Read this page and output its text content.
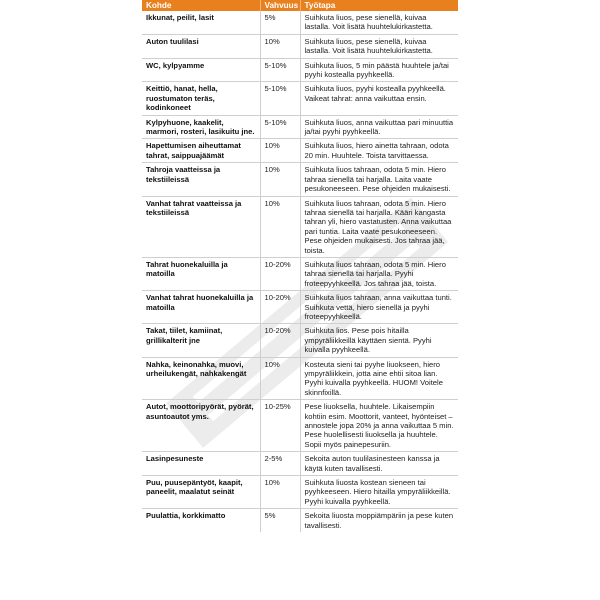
Kohde	Vahvuus	Työtapa
Ikkunat, peilit, lasit	5%	Suihkuta liuos, pese sienellä, kuivaa lastalla. Voit lisätä huuhtelukirkastetta.
Auton tuulilasi	10%	Suihkuta liuos, pese sienellä, kuivaa lastalla. Voit lisätä huuhtelukirkastetta.
WC, kylpyamme	5-10%	Suihkuta liuos, 5 min päästä huuhtele ja/tai pyyhi kostealla pyyhkeellä.
Keittiö, hanat, hella, ruostumaton teräs, kodinkoneet	5-10%	Suihkuta liuos, pyyhi kostealla pyyhkeellä. Vaikeat tahrat: anna vaikuttaa ensin.
Kylpyhuone, kaakelit, marmori, rosteri, lasikuitu jne.	5-10%	Suihkuta liuos, anna vaikuttaa pari minuuttia ja/tai pyyhi pyyhkeellä.
Hapettumisen aiheuttamat tahrat, saippuajäämät	10%	Suihkuta liuos, hiero ainetta tahraan, odota 20 min. Huuhtele. Toista tarvittaessa.
Tahroja vaatteissa ja tekstiileissä	10%	Suihkuta liuos tahraan, odota 5 min. Hiero tahraa sienellä tai harjalla. Laita vaate pesukoneeseen. Pese ohjeiden mukaisesti.
Vanhat tahrat vaatteissa ja tekstiileissä	10%	Suihkuta liuos tahraan, odota 5 min. Hiero tahraa sienellä tai harjalla. Kääri kangasta tahran yli, hiero vastatusten. Anna vaikuttaa pari tuntia. Laita vaate pesukoneeseen. Pese ohjeiden mukaisesti. Jos tahraa jää, toista.
Tahrat huonekaluilla ja matoilla	10-20%	Suihkuta liuos tahraan, odota 5 min. Hiero tahraa sienellä tai harjalla. Pyyhi froteepyyhkeellä. Jos tahraa jää, toista.
Vanhat tahrat huonekaluilla ja matoilla	10-20%	Suihkuta liuos tahraan, anna vaikuttaa tunti. Suihkuta vettä, hiero sienellä ja pyyhi froteepyyhkeellä.
Takat, tiilet, kamiinat, grillikalterit jne	10-20%	Suihkuta lios. Pese pois hitailla ympyräliikkeillä käyttäen sientä. Pyyhi kuivalla pyyhkeellä.
Nahka, keinonahka, muovi, urheilukengät, nahkakengät	10%	Kosteuta sieni tai pyyhe liuokseen, hiero ympyräliikkein, jotta aine ehtii sitoa lian. Pyyhi kuivalla pyyhkeellä. HUOM! Voitele skinnfixillä.
Autot, moottoripyörät, pyörät, asuntoautot yms.	10-25%	Pese liuoksella, huuhtele. Likaisempiin kohtiin esim. Moottorit, vanteet, hyönteiset – annostele jopa 20% ja anna vaikuttaa 5 min. Pese huolellisesti liuoksella ja huuhtele. Sopii myös painepesuriin.
Lasinpesuneste	2-5%	Sekoita auton tuulilasinesteen kanssa ja käytä kuten tavallisesti.
Puu, puusepäntyöt, kaapit, paneelit, maalatut seinät	10%	Suihkuta liuosta kostean sieneen tai pyyhkeeseen. Hiero hitailla ympyräliikkeillä. Pyyhi kuivalla pyyhkeellä.
Puulattia, korkkimatto	5%	Sekoita liuosta moppiämpäriin ja pese kuten tavallisesti.
